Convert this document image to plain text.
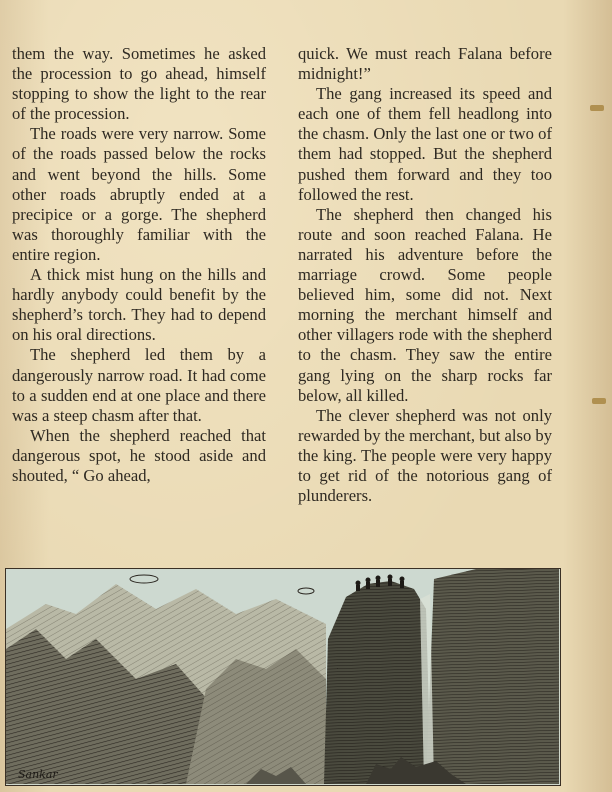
them the way. Sometimes he asked the procession to go ahead, himself stopping to show the light to the rear of the procession.

The roads were very narrow. Some of the roads passed below the rocks and went beyond the hills. Some other roads abruptly ended at a precipice or a gorge. The shepherd was thoroughly familiar with the entire region.

A thick mist hung on the hills and hardly anybody could benefit by the shepherd’s torch. They had to depend on his oral directions.

The shepherd led them by a dangerously narrow road. It had come to a sudden end at one place and there was a steep chasm after that.

When the shepherd reached that dangerous spot, he stood aside and shouted, “ Go ahead,

quick. We must reach Falana before midnight!”

The gang increased its speed and each one of them fell headlong into the chasm. Only the last one or two of them had stopped. But the shepherd pushed them forward and they too followed the rest.

The shepherd then changed his route and soon reached Falana. He narrated his adventure before the marriage crowd. Some people believed him, some did not. Next morning the merchant himself and other villagers rode with the shepherd to the chasm. They saw the entire gang lying on the sharp rocks far below, all killed.

The clever shepherd was not only rewarded by the merchant, but also by the king. The people were very happy to get rid of the notorious gang of plunderers.

Sankar
